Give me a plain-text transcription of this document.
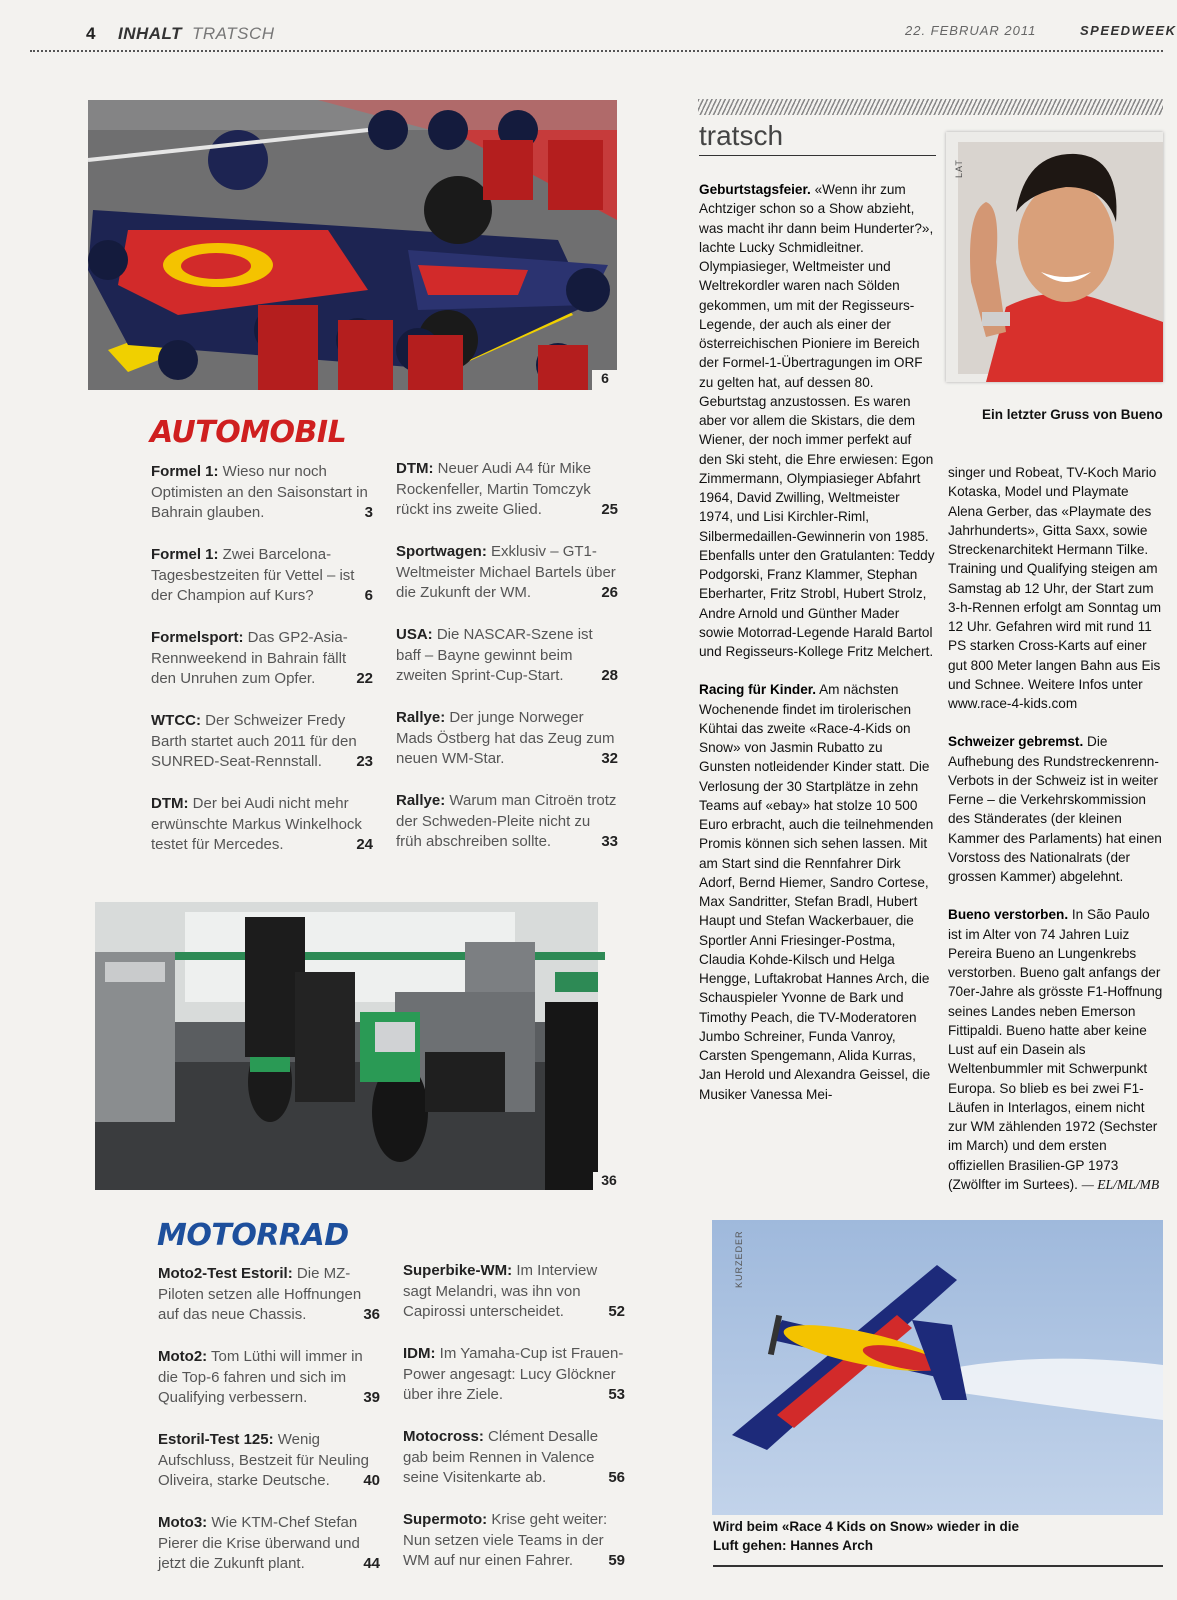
4 INHALT TRATSCH	22. FEBRUAR 2011	SPEEDWEEK
6
AUTOMOBIL
Formel 1: Wieso nur noch Optimisten an den Saisonstart in Bahrain glauben.	3
Formel 1: Zwei Barcelona-Tagesbestzeiten für Vettel – ist der Champion auf Kurs?	6
Formelsport: Das GP2-Asia-Rennweekend in Bahrain fällt den Unruhen zum Opfer.	22
WTCC: Der Schweizer Fredy Barth startet auch 2011 für den SUNRED-Seat-Rennstall. 23
DTM: Der bei Audi nicht mehr erwünschte Markus Winkelhock testet für Mercedes.	24
DTM: Neuer Audi A4 für Mike Rockenfeller, Martin Tomczyk rückt ins zweite Glied.	25
Sportwagen: Exklusiv – GT1-Weltmeister Michael Bartels über die Zukunft der WM.	26
USA: Die NASCAR-Szene ist baff – Bayne gewinnt beim zweiten Sprint-Cup-Start.	28
Rallye: Der junge Norweger Mads Östberg hat das Zeug zum neuen WM-Star.	32
Rallye: Warum man Citroën trotz der Schweden-Pleite nicht zu früh abschreiben sollte.	33
36
MOTORRAD
Moto2-Test Estoril: Die MZ-Piloten setzen alle Hoffnungen auf das neue Chassis.	36
Moto2: Tom Lüthi will immer in die Top-6 fahren und sich im Qualifying verbessern.	39
Estoril-Test 125: Wenig Aufschluss, Bestzeit für Neuling Oliveira, starke Deutsche. 40
Moto3: Wie KTM-Chef Stefan Pierer die Krise überwand und jetzt die Zukunft plant.	44
Superbike-WM: Im Interview sagt Melandri, was ihn von Capirossi unterscheidet.	52
IDM: Im Yamaha-Cup ist Frauen-Power angesagt: Lucy Glöckner über ihre Ziele.	53
Motocross: Clément Desalle gab beim Rennen in Valence seine Visitenkarte ab.	56
Supermoto: Krise geht weiter: Nun setzen viele Teams in der WM auf nur einen Fahrer. 59
tratsch

Geburtstagsfeier. «Wenn ihr zum Achtziger schon so a Show abzieht, was macht ihr dann beim Hunderter?», lachte Lucky Schmidleitner. Olympiasieger, Weltmeister und Weltrekordler waren nach Sölden gekommen, um mit der Regisseurs-Legende, der auch als einer der österreichischen Pioniere im Bereich der Formel-1-Übertragungen im ORF zu gelten hat, auf dessen 80. Geburtstag anzustossen. Es waren aber vor allem die Skistars, die dem Wiener, der noch immer perfekt auf den Ski steht, die Ehre erwiesen: Egon Zimmermann, Olympiasieger Abfahrt 1964, David Zwilling, Weltmeister 1974, und Lisi Kirchler-Riml, Silbermedaillen-Gewinnerin von 1985. Ebenfalls unter den Gratulanten: Teddy Podgorski, Franz Klammer, Stephan Eberharter, Fritz Strobl, Hubert Strolz, Andre Arnold und Günther Mader sowie Motorrad-Legende Harald Bartol und Regisseurs-Kollege Fritz Melchert.

Racing für Kinder. Am nächsten Wochenende findet im tirolerischen Kühtai das zweite «Race-4-Kids on Snow» von Jasmin Rubatto zu Gunsten notleidender Kinder statt. Die Verlosung der 30 Startplätze in zehn Teams auf «ebay» hat stolze 10 500 Euro erbracht, auch die teilnehmenden Promis können sich sehen lassen. Mit am Start sind die Rennfahrer Dirk Adorf, Bernd Hiemer, Sandro Cortese, Max Sandritter, Stefan Bradl, Hubert Haupt und Stefan Wackerbauer, die Sportler Anni Friesinger-Postma, Claudia Kohde-Kilsch und Helga Hengge, Luftakrobat Hannes Arch, die Schauspieler Yvonne de Bark und Timothy Peach, die TV-Moderatoren Jumbo Schreiner, Funda Vanroy, Carsten Spengemann, Alida Kurras, Jan Herold und Alexandra Geissel, die Musiker Vanessa Mei-

LAT
Ein letzter Gruss von Bueno

singer und Robeat, TV-Koch Mario Kotaska, Model und Playmate Alena Gerber, das «Playmate des Jahrhunderts», Gitta Saxx, sowie Streckenarchitekt Hermann Tilke. Training und Qualifying steigen am Samstag ab 12 Uhr, der Start zum 3-h-Rennen erfolgt am Sonntag um 12 Uhr. Gefahren wird mit rund 11 PS starken Cross-Karts auf einer gut 800 Meter langen Bahn aus Eis und Schnee. Weitere Infos unter www.race-4-kids.com

Schweizer gebremst. Die Aufhebung des Rundstreckenrenn-Verbots in der Schweiz ist in weiter Ferne – die Verkehrskommission des Ständerates (der kleinen Kammer des Parlaments) hat einen Vorstoss des Nationalrats (der grossen Kammer) abgelehnt.

Bueno verstorben. In São Paulo ist im Alter von 74 Jahren Luiz Pereira Bueno an Lungenkrebs verstorben. Bueno galt anfangs der 70er-Jahre als grösste F1-Hoffnung seines Landes neben Emerson Fittipaldi. Bueno hatte aber keine Lust auf ein Dasein als Weltenbummler mit Schwerpunkt Europa. So blieb es bei zwei F1-Läufen in Interlagos, einem nicht zur WM zählenden 1972 (Sechster im March) und dem ersten offiziellen Brasilien-GP 1973 (Zwölfter im Surtees). — EL/ML/MB

KURZEDER
Wird beim «Race 4 Kids on Snow» wieder in die Luft gehen: Hannes Arch
